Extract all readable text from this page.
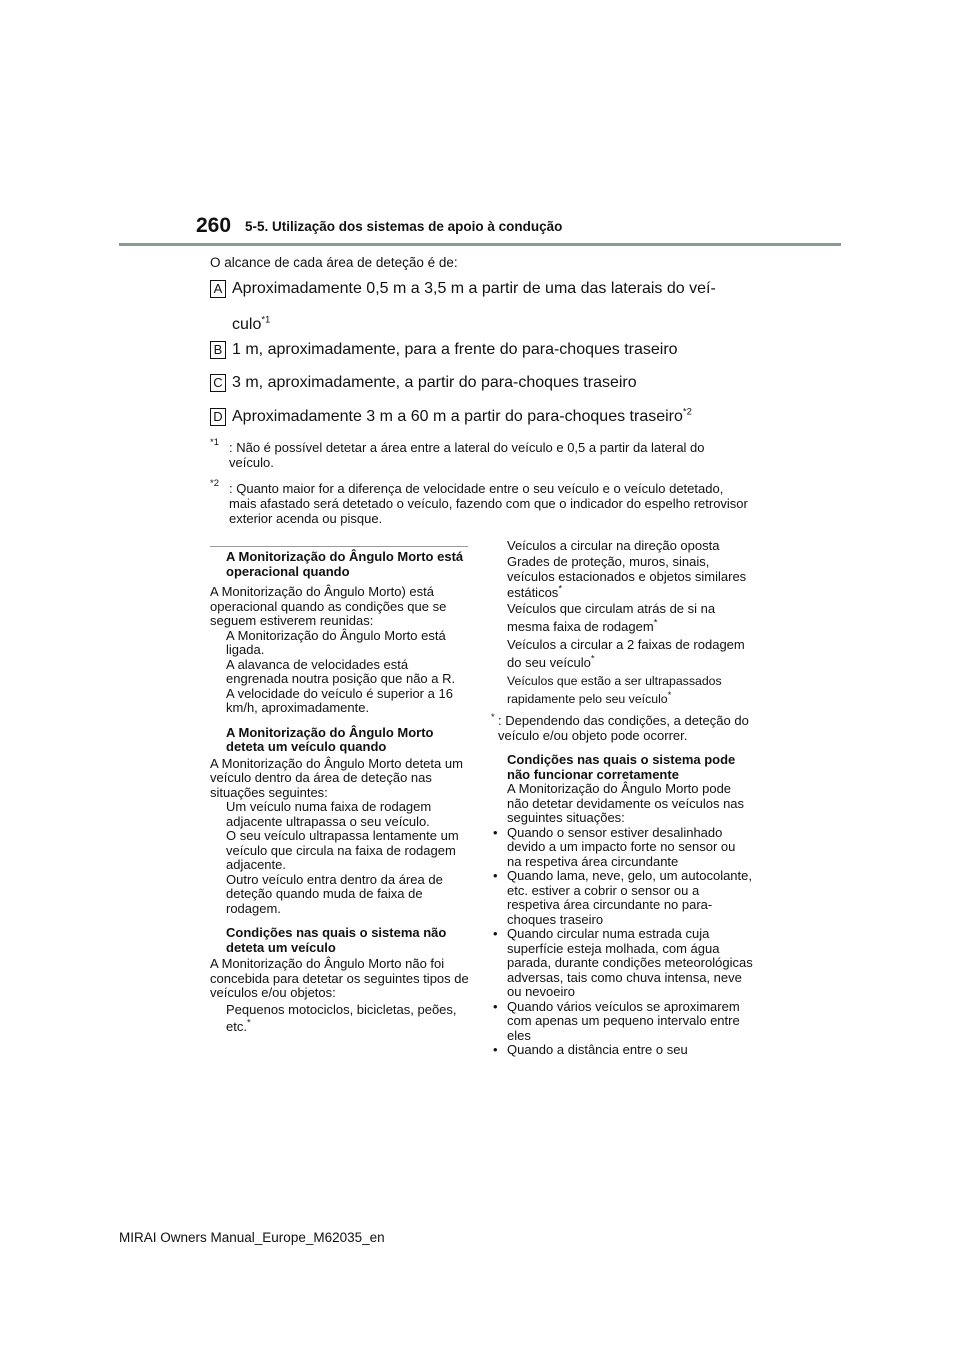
260 5-5. Utilização dos sistemas de apoio à condução
O alcance de cada área de deteção é de:
A Aproximadamente 0,5 m a 3,5 m a partir de uma das laterais do veí-
culo$^{*1}$
B 1 m, aproximadamente, para a frente do para-choques traseiro
C 3 m, aproximadamente, a partir do para-choques traseiro
D Aproximadamente 3 m a 60 m a partir do para-choques traseiro$^{*2}$
*1 : Não é possível detetar a área entre a lateral do veículo e 0,5 a partir da lateral do veículo.
*2 : Quanto maior for a diferença de velocidade entre o seu veículo e o veículo detetado, mais afastado será detetado o veículo, fazendo com que o indicador do espelho retrovisor exterior acenda ou pisque.

A Monitorização do Ângulo Morto está operacional quando

A Monitorização do Ângulo Morto) está operacional quando as condições que se seguem estiverem reunidas:

A Monitorização do Ângulo Morto está ligada.

A alavanca de velocidades está engrenada noutra posição que não a R.

A velocidade do veículo é superior a 16 km/h, aproximadamente.

A Monitorização do Ângulo Morto deteta um veículo quando

A Monitorização do Ângulo Morto deteta um veículo dentro da área de deteção nas situações seguintes:

Um veículo numa faixa de rodagem adjacente ultrapassa o seu veículo.

O seu veículo ultrapassa lentamente um veículo que circula na faixa de rodagem adjacente.

Outro veículo entra dentro da área de deteção quando muda de faixa de rodagem.

Condições nas quais o sistema não deteta um veículo

A Monitorização do Ângulo Morto não foi concebida para detetar os seguintes tipos de veículos e/ou objetos:

Pequenos motociclos, bicicletas, peões, etc.*

Veículos a circular na direção oposta

Grades de proteção, muros, sinais, veículos estacionados e objetos similares estáticos*

Veículos que circulam atrás de si na mesma faixa de rodagem*

Veículos a circular a 2 faixas de rodagem do seu veículo*

Veículos que estão a ser ultrapassados rapidamente pelo seu veículo*

* : Dependendo das condições, a deteção do veículo e/ou objeto pode ocorrer.

Condições nas quais o sistema pode não funcionar corretamente

A Monitorização do Ângulo Morto pode não detetar devidamente os veículos nas seguintes situações:

• Quando o sensor estiver desalinhado devido a um impacto forte no sensor ou na respetiva área circundante

• Quando lama, neve, gelo, um autocolante, etc. estiver a cobrir o sensor ou a respetiva área circundante no para-choques traseiro

• Quando circular numa estrada cuja superfície esteja molhada, com água parada, durante condições meteorológicas adversas, tais como chuva intensa, neve ou nevoeiro

• Quando vários veículos se aproximarem com apenas um pequeno intervalo entre eles

• Quando a distância entre o seu

MIRAI Owners Manual_Europe_M62035_en
